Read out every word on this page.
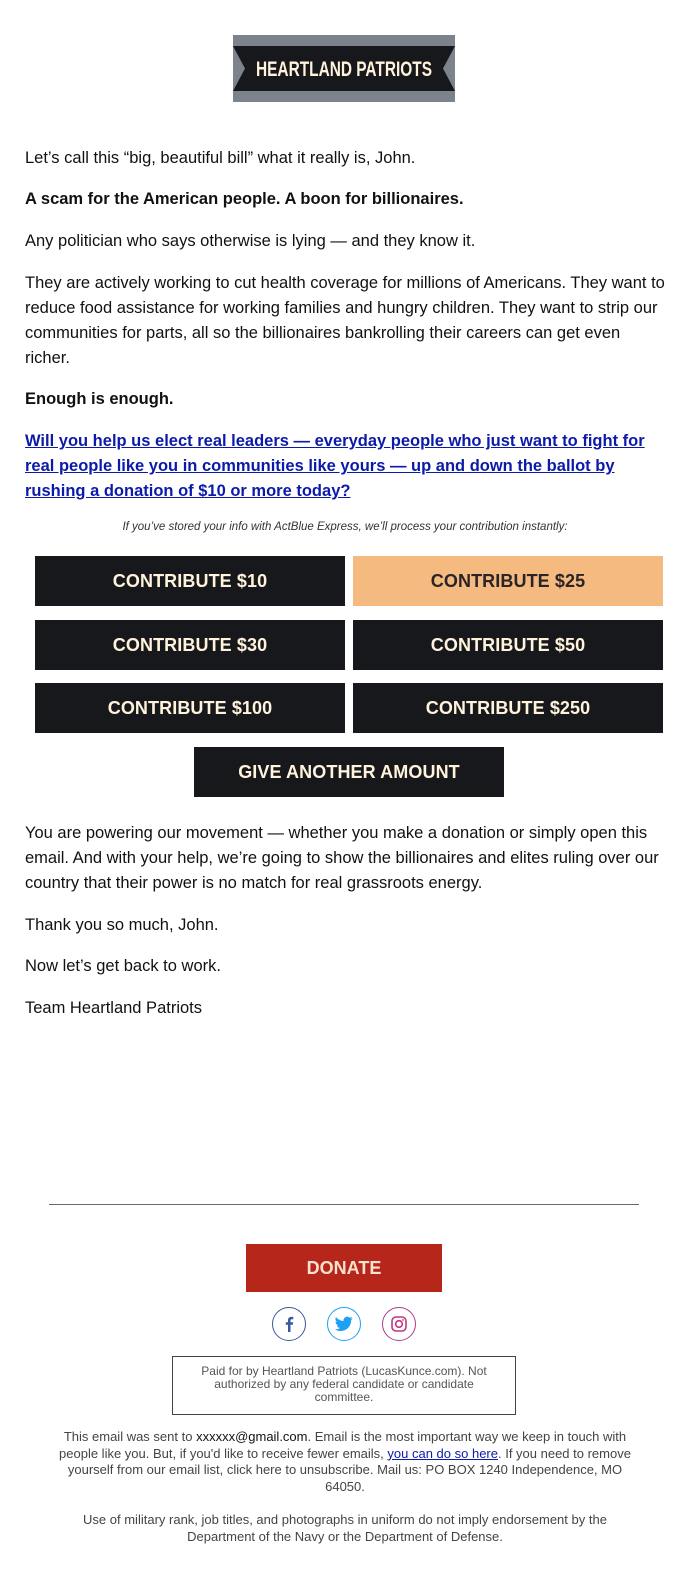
HEARTLAND PATRIOTS

Let’s call this “big, beautiful bill” what it really is, John.

A scam for the American people. A boon for billionaires.

Any politician who says otherwise is lying — and they know it.

They are actively working to cut health coverage for millions of Americans. They want to reduce food assistance for working families and hungry children. They want to strip our communities for parts, all so the billionaires bankrolling their careers can get even richer.

Enough is enough.

Will you help us elect real leaders — everyday people who just want to fight for real people like you in communities like yours — up and down the ballot by rushing a donation of $10 or more today?

If you’ve stored your info with ActBlue Express, we’ll process your contribution instantly:
CONTRIBUTE $10	CONTRIBUTE $25
CONTRIBUTE $30	CONTRIBUTE $50
CONTRIBUTE $100	CONTRIBUTE $250
GIVE ANOTHER AMOUNT

You are powering our movement — whether you make a donation or simply open this email. And with your help, we’re going to show the billionaires and elites ruling over our country that their power is no match for real grassroots energy.

Thank you so much, John.

Now let’s get back to work.

Team Heartland Patriots

DONATE
Paid for by Heartland Patriots (LucasKunce.com). Not authorized by any federal candidate or candidate committee.
This email was sent to xxxxxx@gmail.com. Email is the most important way we keep in touch with people like you. But, if you'd like to receive fewer emails, you can do so here. If you need to remove yourself from our email list, click here to unsubscribe. Mail us: PO BOX 1240 Independence, MO 64050.
Use of military rank, job titles, and photographs in uniform do not imply endorsement by the Department of the Navy or the Department of Defense.
